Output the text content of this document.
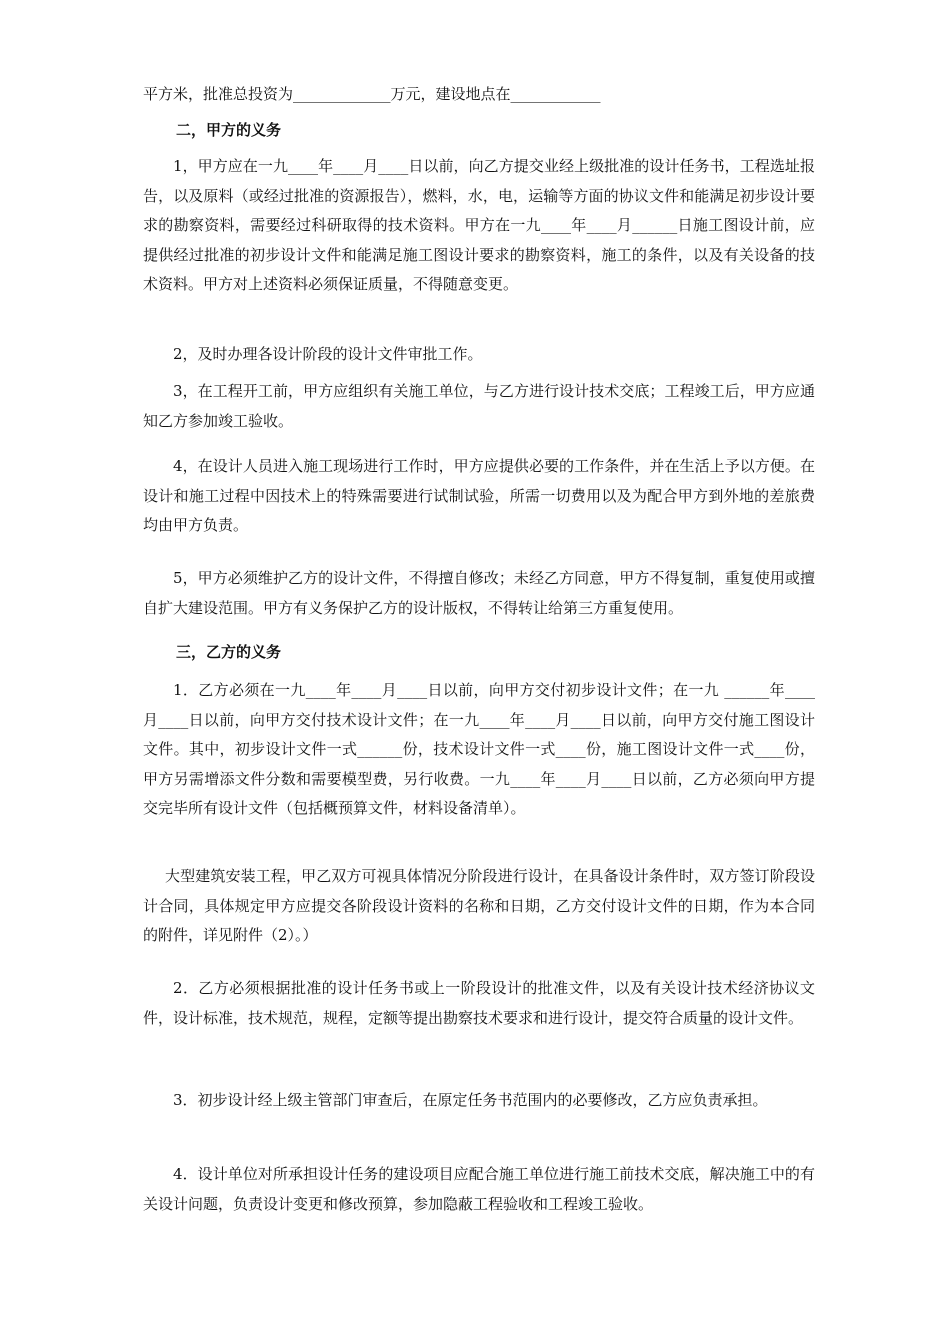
平方米，批准总投资为_____________万元，建设地点在____________

二，甲方的义务

1，甲方应在一九____年____月____日以前，向乙方提交业经上级批准的设计任务书，工程选址报告，以及原料（或经过批准的资源报告），燃料，水，电，运输等方面的协议文件和能满足初步设计要求的勘察资料，需要经过科研取得的技术资料。甲方在一九____年____月______日施工图设计前，应提供经过批准的初步设计文件和能满足施工图设计要求的勘察资料，施工的条件，以及有关设备的技术资料。甲方对上述资料必须保证质量，不得随意变更。

2，及时办理各设计阶段的设计文件审批工作。

3，在工程开工前，甲方应组织有关施工单位，与乙方进行设计技术交底；工程竣工后，甲方应通知乙方参加竣工验收。

4，在设计人员进入施工现场进行工作时，甲方应提供必要的工作条件，并在生活上予以方便。在设计和施工过程中因技术上的特殊需要进行试制试验，所需一切费用以及为配合甲方到外地的差旅费均由甲方负责。

5，甲方必须维护乙方的设计文件，不得擅自修改；未经乙方同意，甲方不得复制，重复使用或擅自扩大建设范围。甲方有义务保护乙方的设计版权，不得转让给第三方重复使用。

三，乙方的义务

1．乙方必须在一九____年____月____日以前，向甲方交付初步设计文件；在一九 ______年____月____日以前，向甲方交付技术设计文件；在一九____年____月____日以前，向甲方交付施工图设计文件。其中，初步设计文件一式______份，技术设计文件一式____份，施工图设计文件一式____份，甲方另需增添文件分数和需要模型费，另行收费。一九____年____月____日以前，乙方必须向甲方提交完毕所有设计文件（包括概预算文件，材料设备清单）。

大型建筑安装工程，甲乙双方可视具体情况分阶段进行设计，在具备设计条件时，双方签订阶段设计合同，具体规定甲方应提交各阶段设计资料的名称和日期，乙方交付设计文件的日期，作为本合同的附件，详见附件（2）。）

2．乙方必须根据批准的设计任务书或上一阶段设计的批准文件，以及有关设计技术经济协议文件，设计标准，技术规范，规程，定额等提出勘察技术要求和进行设计，提交符合质量的设计文件。

3．初步设计经上级主管部门审查后，在原定任务书范围内的必要修改，乙方应负责承担。

4．设计单位对所承担设计任务的建设项目应配合施工单位进行施工前技术交底，解决施工中的有关设计问题，负责设计变更和修改预算，参加隐蔽工程验收和工程竣工验收。
